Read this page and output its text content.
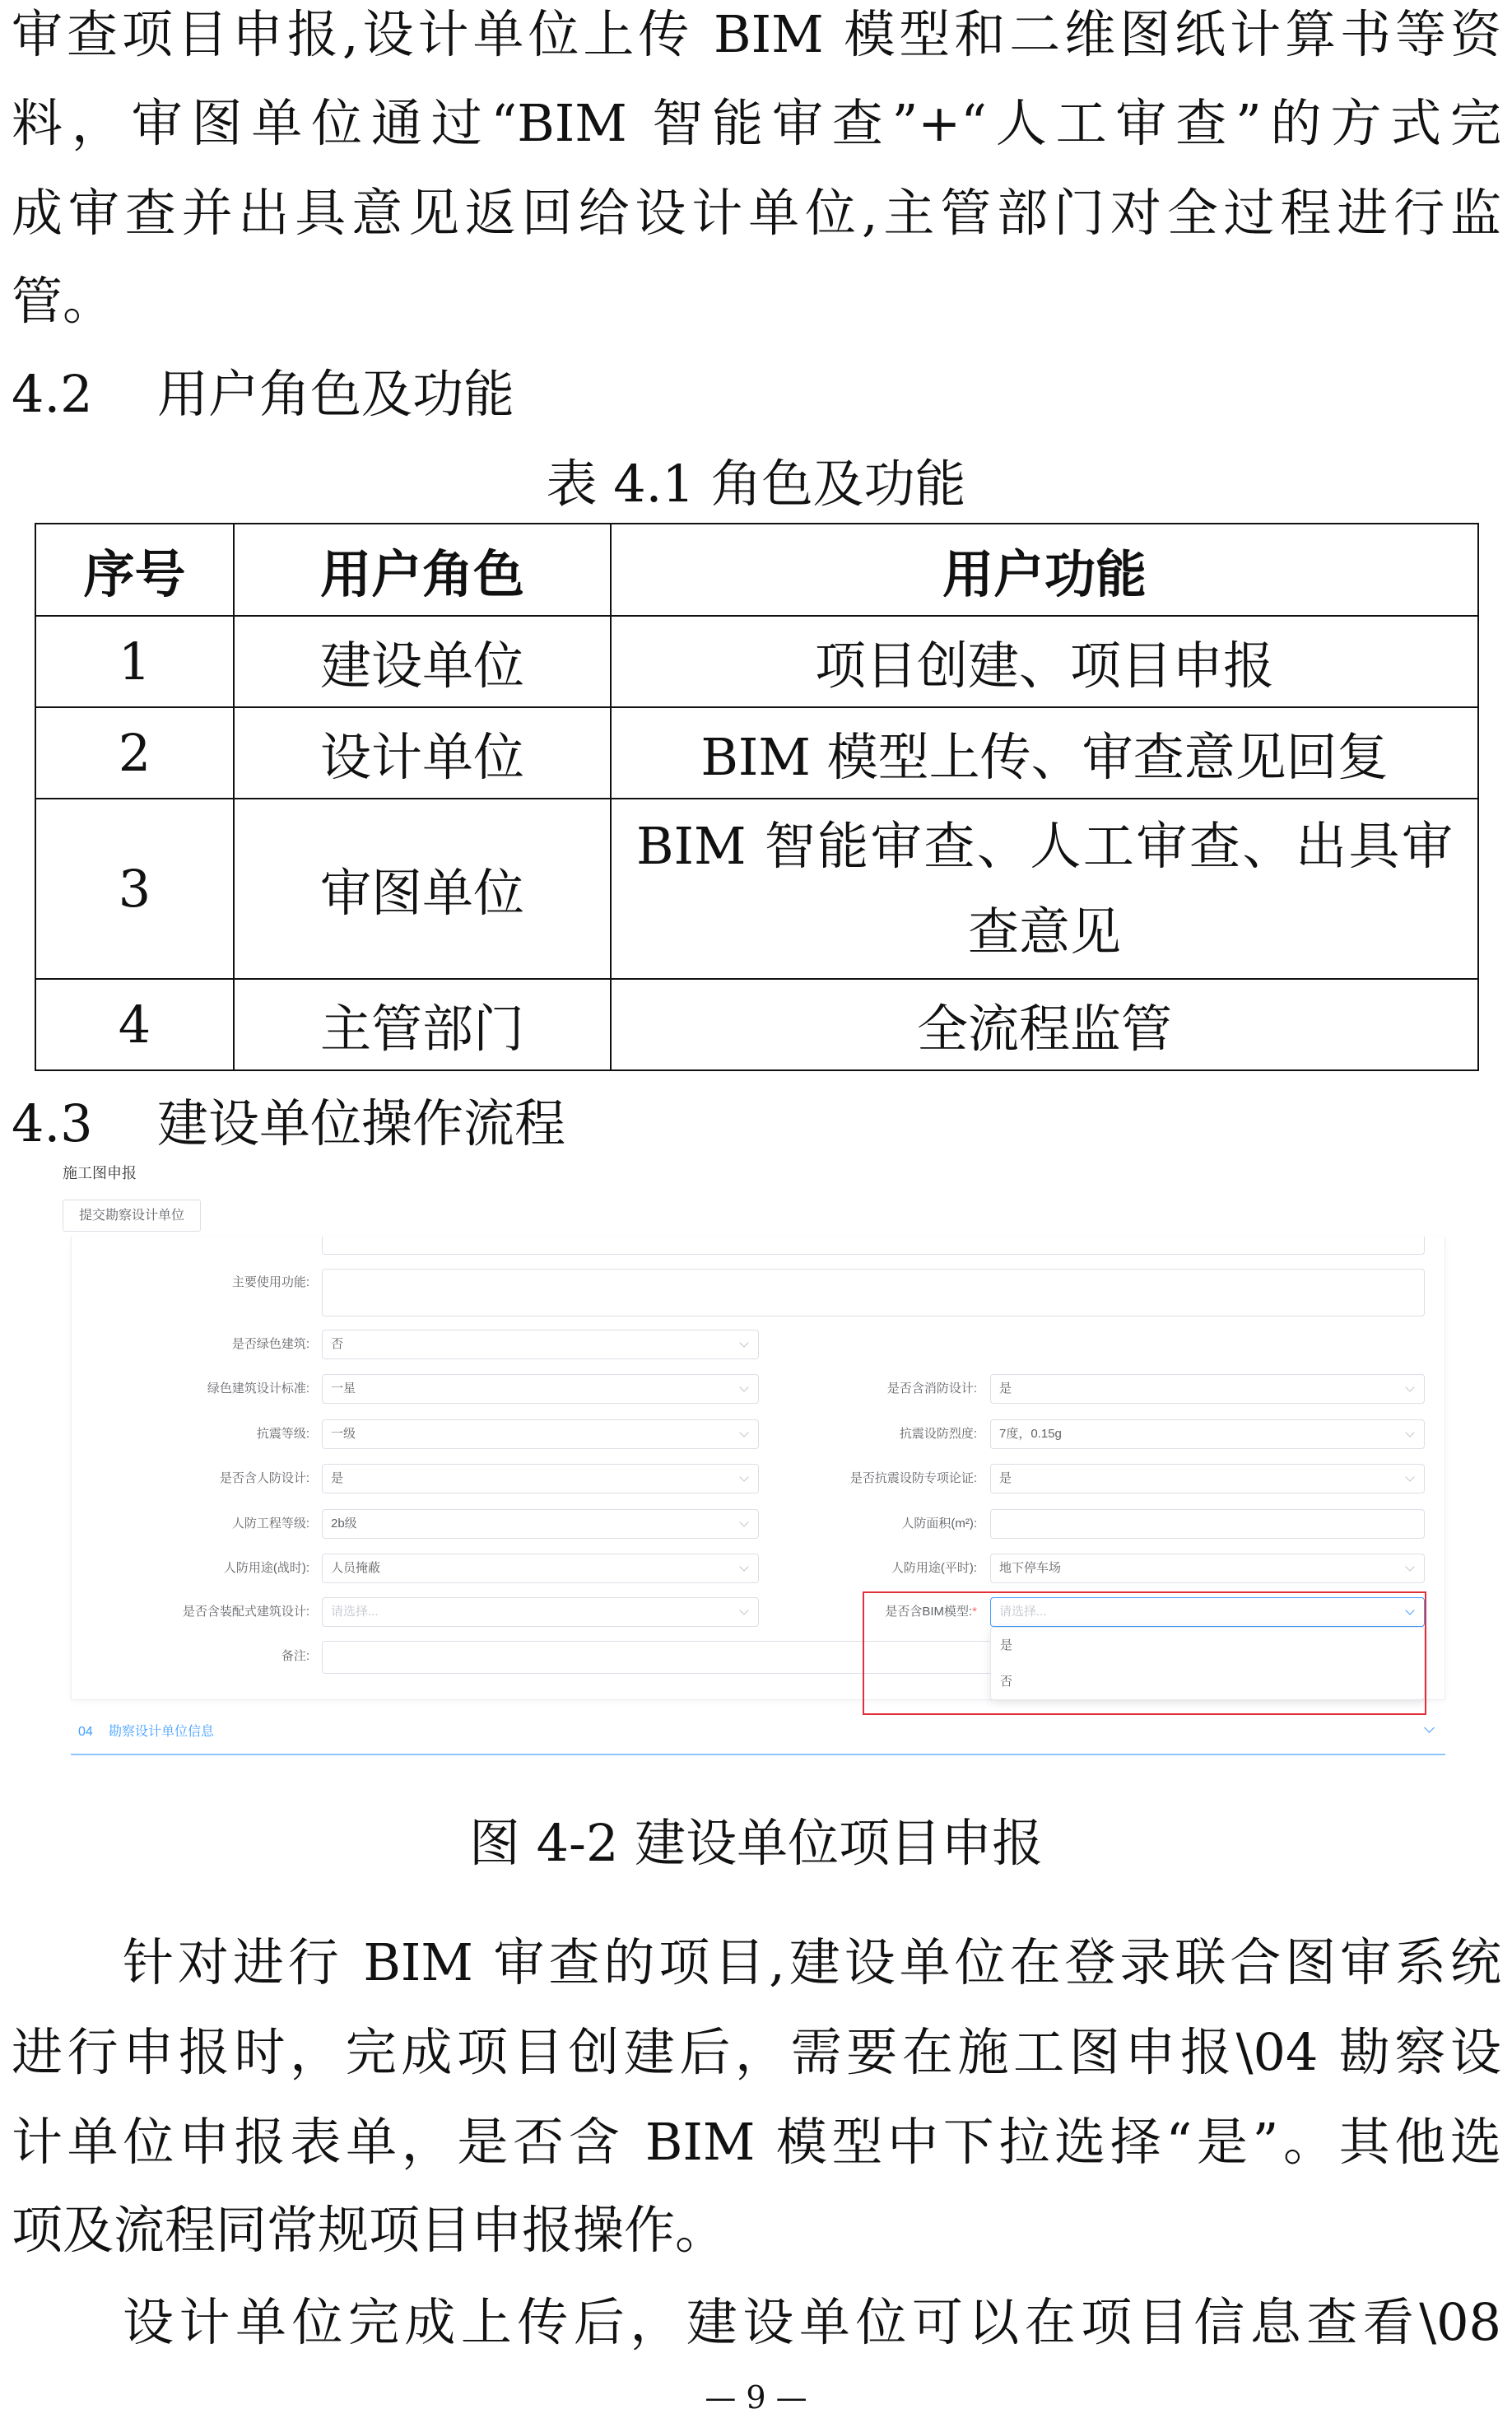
审查项目申报,设计单位上传 BIM 模型和二维图纸计算书等资
料，审图单位通过“BIM 智能审查”+“人工审查”的方式完
成审查并出具意见返回给设计单位,主管部门对全过程进行监
管。
4.2 用户角色及功能
表 4.1 角色及功能
序号	用户角色	用户功能
1	建设单位	项目创建、项目申报
2	设计单位	BIM 模型上传、审查意见回复
3	审图单位	BIM 智能审查、人工审查、出具审查意见
4	主管部门	全流程监管
4.3 建设单位操作流程
施工图申报
提交勘察设计单位
主要使用功能:
是否绿色建筑: 否
绿色建筑设计标准: 一星	是否含消防设计: 是
抗震等级: 一级	抗震设防烈度: 7度，0.15g
是否含人防设计: 是	是否抗震设防专项论证: 是
人防工程等级: 2b级	人防面积(m²):
人防用途(战时): 人员掩蔽	人防用途(平时): 地下停车场
是否含装配式建筑设计: 请选择...	是否含BIM模型:* 请选择...
备注:
是
否
04 勘察设计单位信息
图 4-2 建设单位项目申报
针对进行 BIM 审查的项目,建设单位在登录联合图审系统
进行申报时，完成项目创建后，需要在施工图申报\04 勘察设
计单位申报表单，是否含 BIM 模型中下拉选择“是”。其他选
项及流程同常规项目申报操作。
设计单位完成上传后，建设单位可以在项目信息查看\08
— 9 —
